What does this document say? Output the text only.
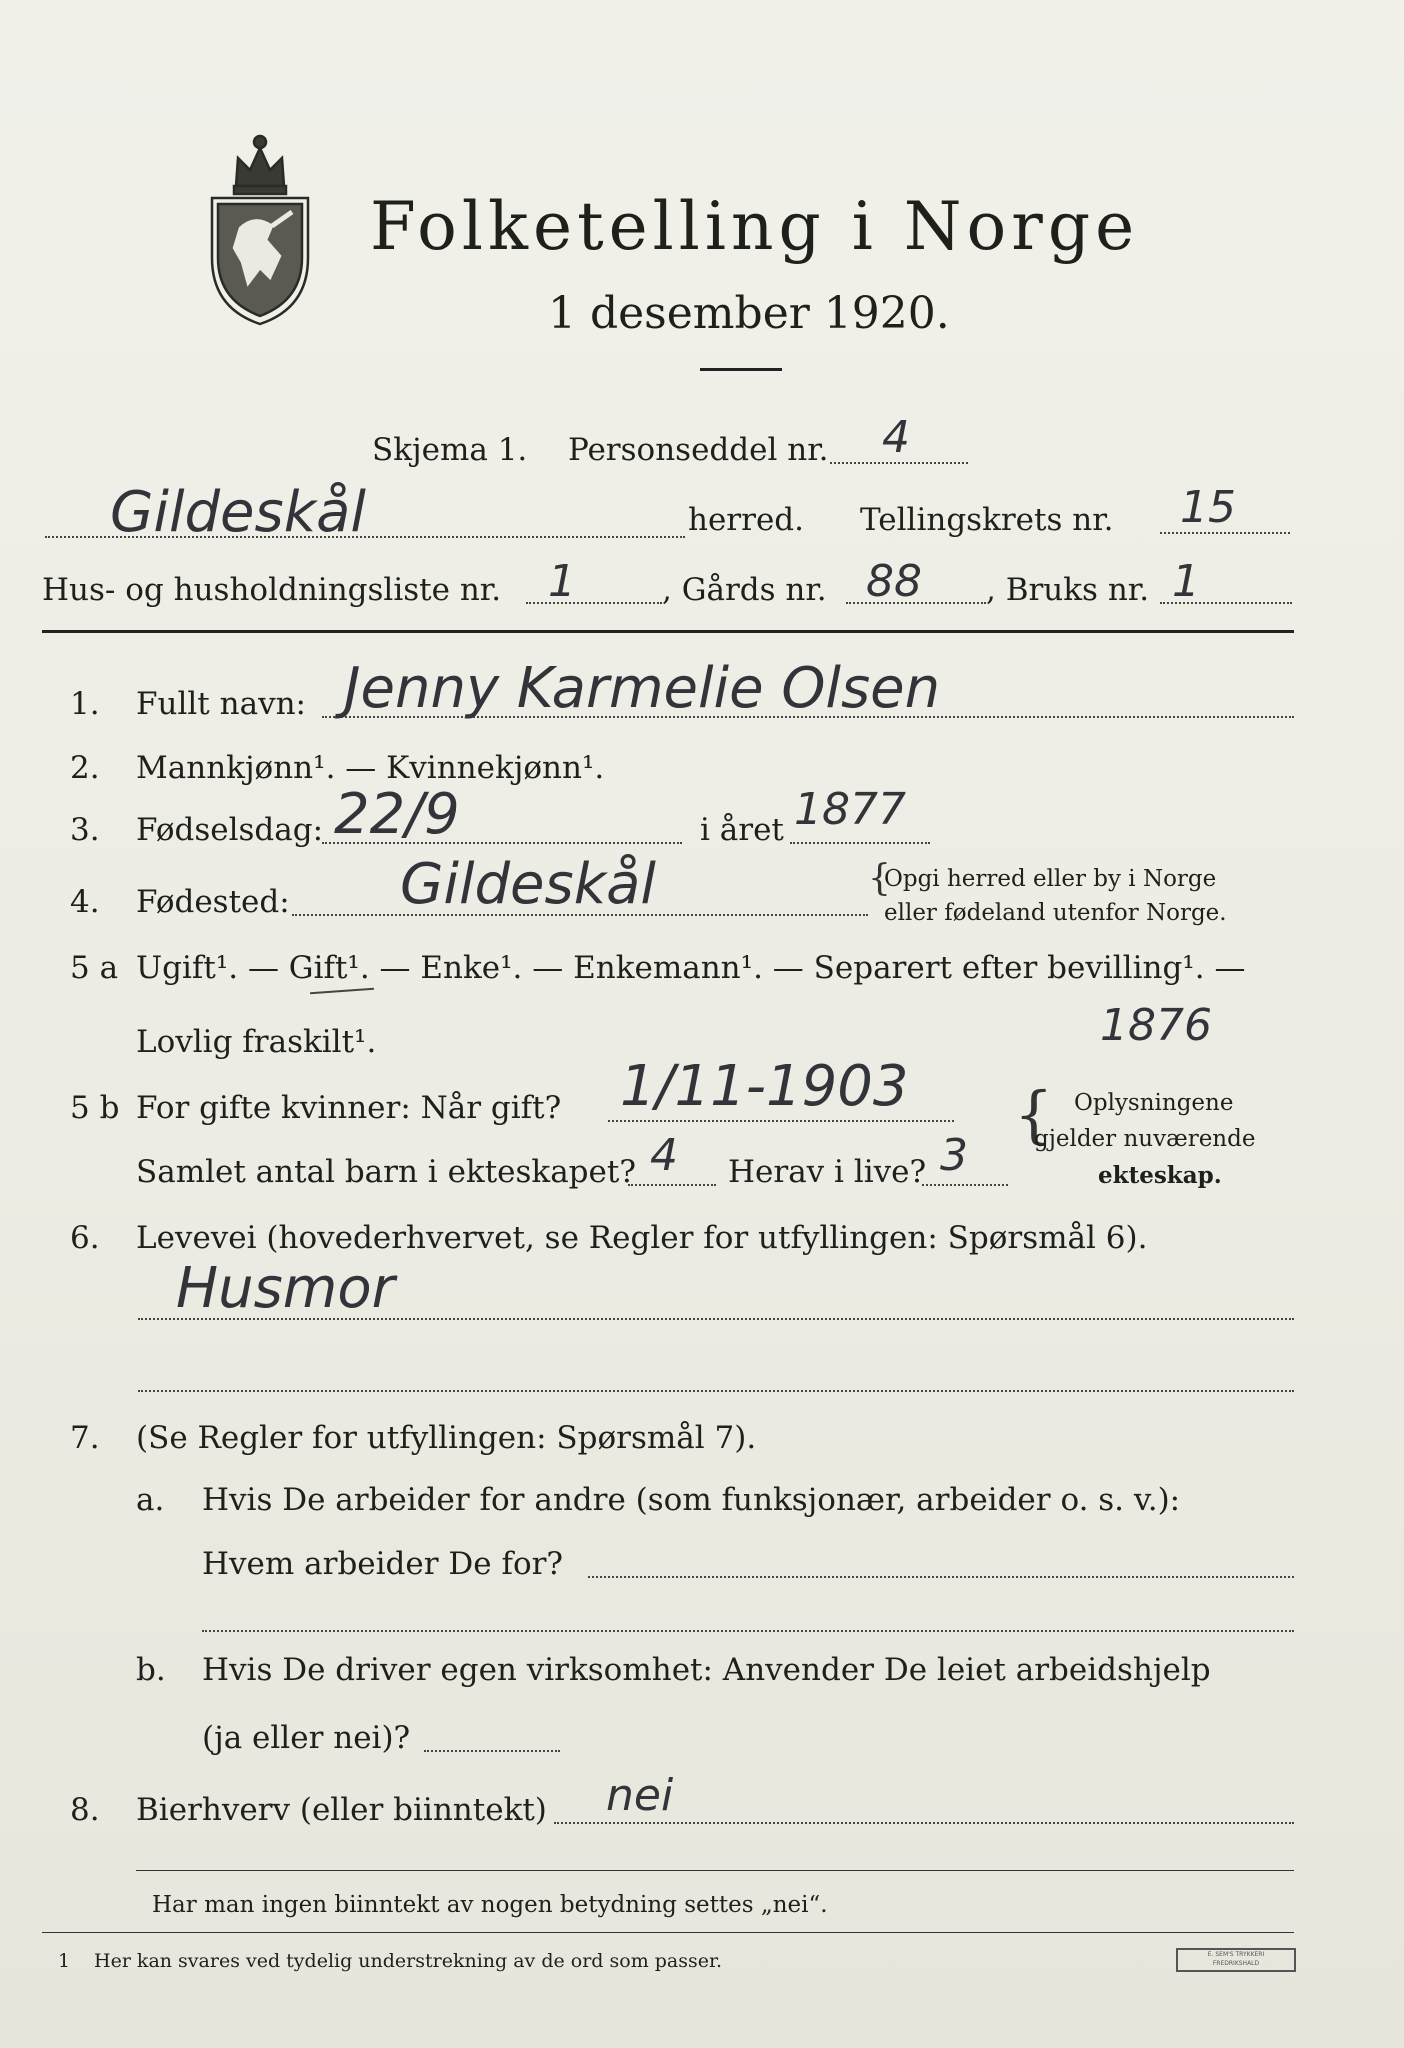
Folketelling i Norge
1 desember 1920.
Skjema 1. Personseddel nr. 4
Gildeskål	herred. Tellingskrets nr. 15
Hus- og husholdningsliste nr. 1	, Gårds nr. 88 , Bruks nr. 1
1. Fullt navn: Jenny Karmelie Olsen
2. Mannkjønn¹. — Kvinnekjønn¹.
3. Fødselsdag: 22/9	i året 1877
4. Fødested: Gildeskål	{
Opgi herred eller by i Norge
eller fødeland utenfor Norge.
5 a Ugift¹. — Gift¹. — Enke¹. — Enkemann¹. — Separert efter bevilling¹. —
Lovlig fraskilt¹.	1876
5 b For gifte kvinner: Når gift? 1/11-1903
Samlet antal barn i ekteskapet? 4 Herav i live? 3
{ Oplysningene
gjelder nuværende
ekteskap.
6. Levevei (hovederhvervet, se Regler for utfyllingen: Spørsmål 6).
Husmor
7. (Se Regler for utfyllingen: Spørsmål 7).
a. Hvis De arbeider for andre (som funksjonær, arbeider o. s. v.):
Hvem arbeider De for?
b. Hvis De driver egen virksomhet: Anvender De leiet arbeidshjelp
(ja eller nei)?
8. Bierhverv (eller biinntekt) nei
Har man ingen biinntekt av nogen betydning settes „nei“.
1 Her kan svares ved tydelig understrekning av de ord som passer.	E. SEM'S TRYKKERI
FREDRIKSHALD
